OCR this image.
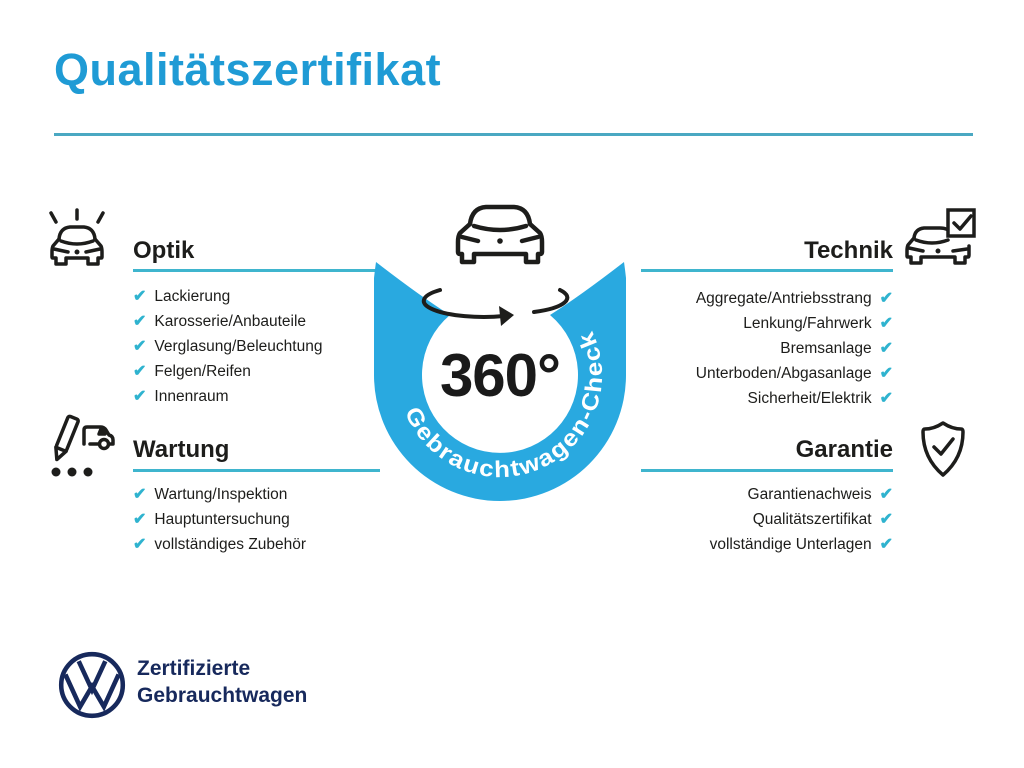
Qualitätszertifikat
Optik
✔ Lackierung
✔ Karosserie/Anbauteile
✔ Verglasung/Beleuchtung
✔ Felgen/Reifen
✔ Innenraum
Technik
Aggregate/Antriebsstrang ✔
Lenkung/Fahrwerk ✔
Bremsanlage ✔
Unterboden/Abgasanlage ✔
Sicherheit/Elektrik ✔
Wartung
✔ Wartung/Inspektion
✔ Hauptuntersuchung
✔ vollständiges Zubehör
Garantie
Garantienachweis ✔
Qualitätszertifikat ✔
vollständige Unterlagen ✔
Gebrauchtwagen-Check
360°

Zertifizierte
Gebrauchtwagen
